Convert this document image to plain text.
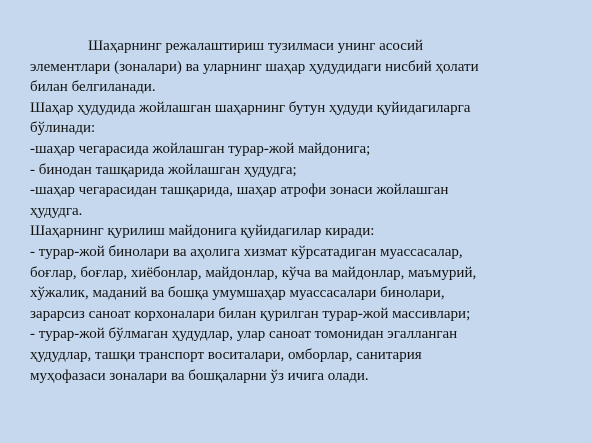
Шаҳарнинг режалаштириш тузилмаси унинг асосий
элементлари (зоналари) ва уларнинг шаҳар ҳудудидаги нисбий ҳолати
билан белгиланади.
Шаҳар ҳудудида жойлашган шаҳарнинг бутун ҳудуди қуйидагиларга
бўлинади:
-шаҳар чегарасида жойлашган турар-жой майдонига;
- бинодан ташқарида жойлашган ҳудудга;
-шаҳар чегарасидан ташқарида, шаҳар атрофи зонаси жойлашган
ҳудудга.
Шаҳарнинг қурилиш майдонига қуйидагилар киради:
- турар-жой бинолари ва аҳолига хизмат кўрсатадиган муассасалар,
боғлар, боғлар, хиёбонлар, майдонлар, кўча ва майдонлар, маъмурий,
хўжалик, маданий ва бошқа умумшаҳар муассасалари бинолари,
зарарсиз саноат корхоналари билан қурилган турар-жой массивлари;
- турар-жой бўлмаган ҳудудлар, улар саноат томонидан эгалланган
ҳудудлар, ташқи транспорт воситалари, омборлар, санитария
муҳофазаси зоналари ва бошқаларни ўз ичига олади.
